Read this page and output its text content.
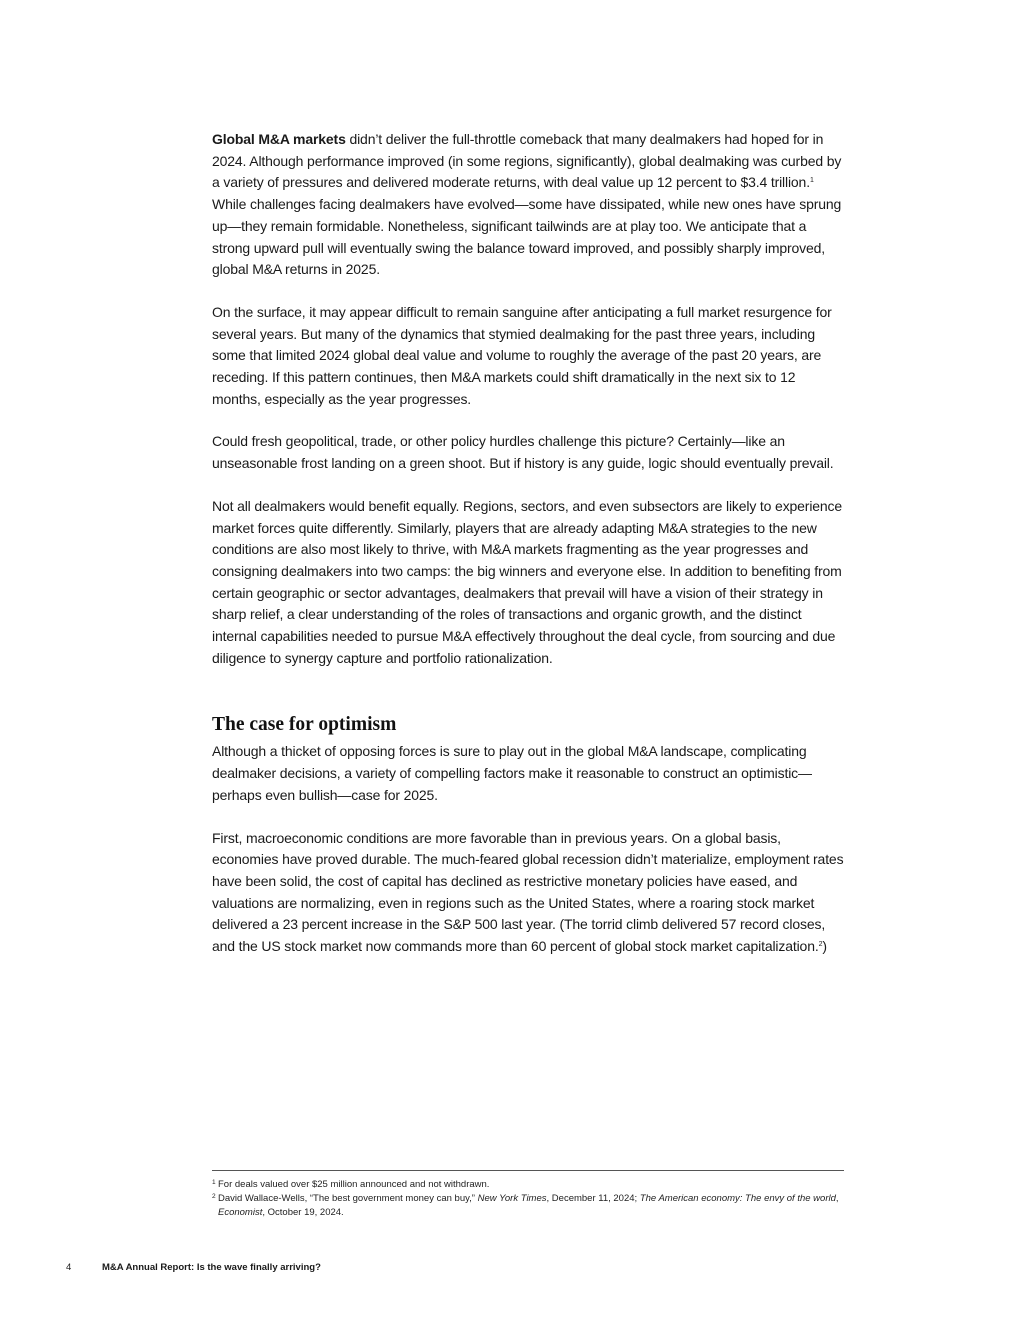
Global M&A markets didn’t deliver the full-throttle comeback that many dealmakers had hoped for in 2024. Although performance improved (in some regions, significantly), global dealmaking was curbed by a variety of pressures and delivered moderate returns, with deal value up 12 percent to $3.4 trillion.$^1$ While challenges facing dealmakers have evolved—some have dissipated, while new ones have sprung up—they remain formidable. Nonetheless, significant tailwinds are at play too. We anticipate that a strong upward pull will eventually swing the balance toward improved, and possibly sharply improved, global M&A returns in 2025.

On the surface, it may appear difficult to remain sanguine after anticipating a full market resurgence for several years. But many of the dynamics that stymied dealmaking for the past three years, including some that limited 2024 global deal value and volume to roughly the average of the past 20 years, are receding. If this pattern continues, then M&A markets could shift dramatically in the next six to 12 months, especially as the year progresses.

Could fresh geopolitical, trade, or other policy hurdles challenge this picture? Certainly—like an unseasonable frost landing on a green shoot. But if history is any guide, logic should eventually prevail.

Not all dealmakers would benefit equally. Regions, sectors, and even subsectors are likely to experience market forces quite differently. Similarly, players that are already adapting M&A strategies to the new conditions are also most likely to thrive, with M&A markets fragmenting as the year progresses and consigning dealmakers into two camps: the big winners and everyone else. In addition to benefiting from certain geographic or sector advantages, dealmakers that prevail will have a vision of their strategy in sharp relief, a clear understanding of the roles of transactions and organic growth, and the distinct internal capabilities needed to pursue M&A effectively throughout the deal cycle, from sourcing and due diligence to synergy capture and portfolio rationalization.

The case for optimism

Although a thicket of opposing forces is sure to play out in the global M&A landscape, complicating dealmaker decisions, a variety of compelling factors make it reasonable to construct an optimistic—perhaps even bullish—case for 2025.

First, macroeconomic conditions are more favorable than in previous years. On a global basis, economies have proved durable. The much-feared global recession didn’t materialize, employment rates have been solid, the cost of capital has declined as restrictive monetary policies have eased, and valuations are normalizing, even in regions such as the United States, where a roaring stock market delivered a 23 percent increase in the S&P 500 last year. (The torrid climb delivered 57 record closes, and the US stock market now commands more than 60 percent of global stock market capitalization.$^2$)

1 For deals valued over $25 million announced and not withdrawn.
2 David Wallace-Wells, “The best government money can buy,” New York Times, December 11, 2024; The American economy: The envy of the world, Economist, October 19, 2024.
4	M&A Annual Report: Is the wave finally arriving?
